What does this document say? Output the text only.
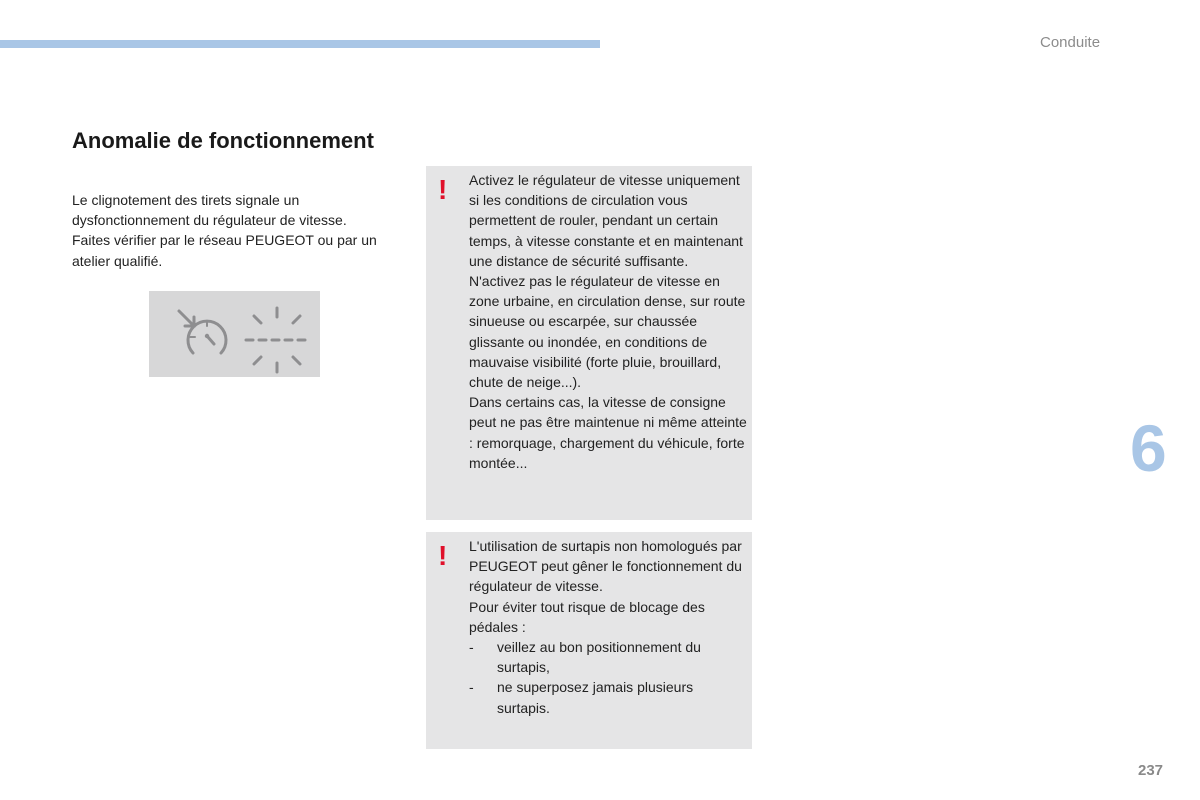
Conduite
Anomalie de fonctionnement

Le clignotement des tirets signale un dysfonctionnement du régulateur de vitesse.

Faites vérifier par le réseau PEUGEOT ou par un atelier qualifié.

! Activez le régulateur de vitesse uniquement si les conditions de circulation vous permettent de rouler, pendant un certain temps, à vitesse constante et en maintenant une distance de sécurité suffisante.

N'activez pas le régulateur de vitesse en zone urbaine, en circulation dense, sur route sinueuse ou escarpée, sur chaussée glissante ou inondée, en conditions de mauvaise visibilité (forte pluie, brouillard, chute de neige...).

Dans certains cas, la vitesse de consigne peut ne pas être maintenue ni même atteinte : remorquage, chargement du véhicule, forte montée...

! L'utilisation de surtapis non homologués par PEUGEOT peut gêner le fonctionnement du régulateur de vitesse.

Pour éviter tout risque de blocage des pédales :

-	veillez au bon positionnement du surtapis,
-	ne superposez jamais plusieurs surtapis.
6
237
